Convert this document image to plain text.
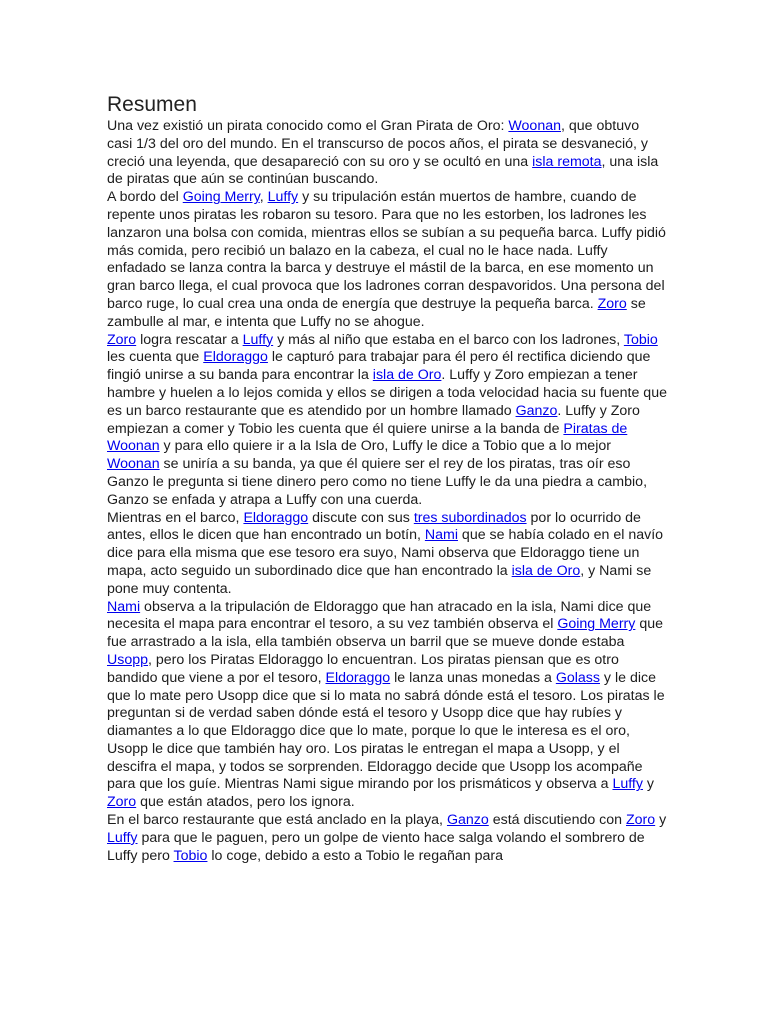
Resumen

Una vez existió un pirata conocido como el Gran Pirata de Oro: Woonan, que obtuvo casi 1/3 del oro del mundo. En el transcurso de pocos años, el pirata se desvaneció, y creció una leyenda, que desapareció con su oro y se ocultó en una isla remota, una isla de piratas que aún se continúan buscando.

A bordo del Going Merry, Luffy y su tripulación están muertos de hambre, cuando de repente unos piratas les robaron su tesoro. Para que no les estorben, los ladrones les lanzaron una bolsa con comida, mientras ellos se subían a su pequeña barca. Luffy pidió más comida, pero recibió un balazo en la cabeza, el cual no le hace nada. Luffy enfadado se lanza contra la barca y destruye el mástil de la barca, en ese momento un gran barco llega, el cual provoca que los ladrones corran despavoridos. Una persona del barco ruge, lo cual crea una onda de energía que destruye la pequeña barca. Zoro se zambulle al mar, e intenta que Luffy no se ahogue.

Zoro logra rescatar a Luffy y más al niño que estaba en el barco con los ladrones, Tobio les cuenta que Eldoraggo le capturó para trabajar para él pero él rectifica diciendo que fingió unirse a su banda para encontrar la isla de Oro. Luffy y Zoro empiezan a tener hambre y huelen a lo lejos comida y ellos se dirigen a toda velocidad hacia su fuente que es un barco restaurante que es atendido por un hombre llamado Ganzo. Luffy y Zoro empiezan a comer y Tobio les cuenta que él quiere unirse a la banda de Piratas de Woonan y para ello quiere ir a la Isla de Oro, Luffy le dice a Tobio que a lo mejor Woonan se uniría a su banda, ya que él quiere ser el rey de los piratas, tras oír eso Ganzo le pregunta si tiene dinero pero como no tiene Luffy le da una piedra a cambio, Ganzo se enfada y atrapa a Luffy con una cuerda.

Mientras en el barco, Eldoraggo discute con sus tres subordinados por lo ocurrido de antes, ellos le dicen que han encontrado un botín, Nami que se había colado en el navío dice para ella misma que ese tesoro era suyo, Nami observa que Eldoraggo tiene un mapa, acto seguido un subordinado dice que han encontrado la isla de Oro, y Nami se pone muy contenta.

Nami observa a la tripulación de Eldoraggo que han atracado en la isla, Nami dice que necesita el mapa para encontrar el tesoro, a su vez también observa el Going Merry que fue arrastrado a la isla, ella también observa un barril que se mueve donde estaba Usopp, pero los Piratas Eldoraggo lo encuentran. Los piratas piensan que es otro bandido que viene a por el tesoro, Eldoraggo le lanza unas monedas a Golass y le dice que lo mate pero Usopp dice que si lo mata no sabrá dónde está el tesoro. Los piratas le preguntan si de verdad saben dónde está el tesoro y Usopp dice que hay rubíes y diamantes a lo que Eldoraggo dice que lo mate, porque lo que le interesa es el oro, Usopp le dice que también hay oro. Los piratas le entregan el mapa a Usopp, y el descifra el mapa, y todos se sorprenden. Eldoraggo decide que Usopp los acompañe para que los guíe. Mientras Nami sigue mirando por los prismáticos y observa a Luffy y Zoro que están atados, pero los ignora.

En el barco restaurante que está anclado en la playa, Ganzo está discutiendo con Zoro y Luffy para que le paguen, pero un golpe de viento hace salga volando el sombrero de Luffy pero Tobio lo coge, debido a esto a Tobio le regañan para
